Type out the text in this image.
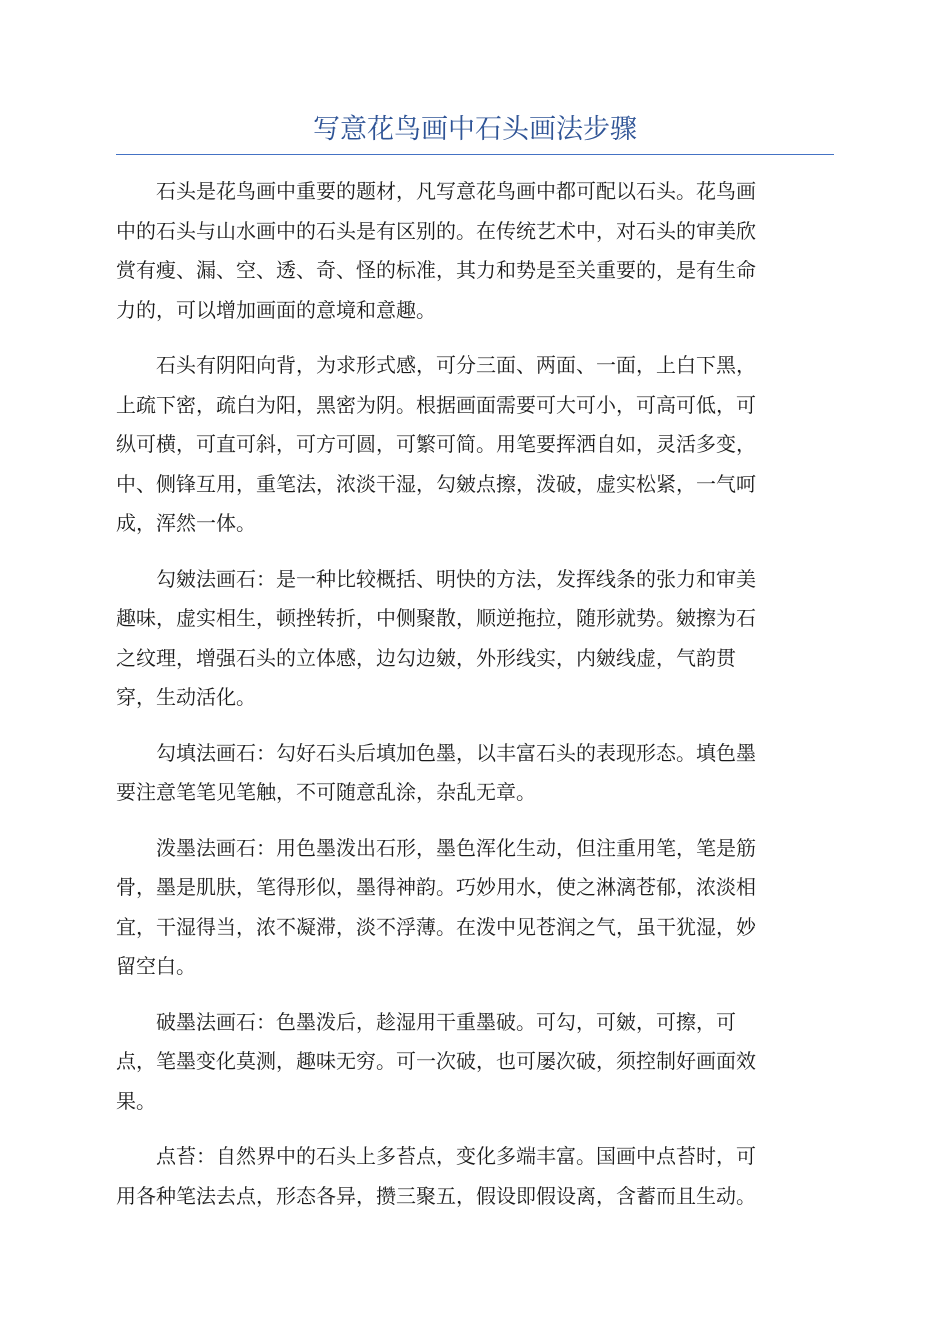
写意花鸟画中石头画法步骤

石头是花鸟画中重要的题材，凡写意花鸟画中都可配以石头。花鸟画
中的石头与山水画中的石头是有区别的。在传统艺术中，对石头的审美欣
赏有瘦、漏、空、透、奇、怪的标准，其力和势是至关重要的，是有生命
力的，可以增加画面的意境和意趣。

石头有阴阳向背，为求形式感，可分三面、两面、一面，上白下黑，
上疏下密，疏白为阳，黑密为阴。根据画面需要可大可小，可高可低，可
纵可横，可直可斜，可方可圆，可繁可简。用笔要挥洒自如，灵活多变，
中、侧锋互用，重笔法，浓淡干湿，勾皴点擦，泼破，虚实松紧，一气呵
成，浑然一体。

勾皴法画石：是一种比较概括、明快的方法，发挥线条的张力和审美
趣味，虚实相生，顿挫转折，中侧聚散，顺逆拖拉，随形就势。皴擦为石
之纹理，增强石头的立体感，边勾边皴，外形线实，内皴线虚，气韵贯
穿，生动活化。

勾填法画石：勾好石头后填加色墨，以丰富石头的表现形态。填色墨
要注意笔笔见笔触，不可随意乱涂，杂乱无章。

泼墨法画石：用色墨泼出石形，墨色浑化生动，但注重用笔，笔是筋
骨，墨是肌肤，笔得形似，墨得神韵。巧妙用水，使之淋漓苍郁，浓淡相
宜，干湿得当，浓不凝滞，淡不浮薄。在泼中见苍润之气，虽干犹湿，妙
留空白。

破墨法画石：色墨泼后，趁湿用干重墨破。可勾，可皴，可擦，可
点，笔墨变化莫测，趣味无穷。可一次破，也可屡次破，须控制好画面效
果。

点苔：自然界中的石头上多苔点，变化多端丰富。国画中点苔时，可
用各种笔法去点，形态各异，攒三聚五，假设即假设离，含蓄而且生动。
